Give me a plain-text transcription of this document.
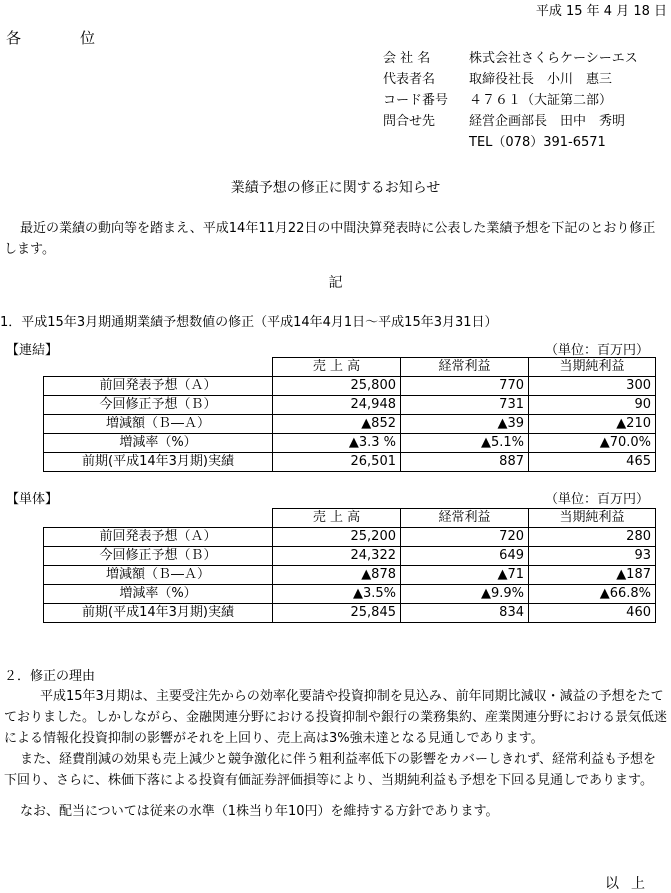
平成 15 年 4 月 18 日
各　位
会 社 名	株式会社さくらケーシーエス
代表者名	取締役社長　小川　惠三
コード番号	４７６１（大証第二部）
問合せ先	経営企画部長　田中　秀明
TEL（078）391-6571
業績予想の修正に関するお知らせ
最近の業績の動向等を踏まえ、平成14年11月22日の中間決算発表時に公表した業績予想を下記のとおり修正します。
記
1．平成15年3月期通期業績予想数値の修正（平成14年4月1日～平成15年3月31日）
【連結】	（単位：百万円）
	売 上 高	経常利益	当期純利益
前回発表予想（Ａ）	25,800	770	300
今回修正予想（Ｂ）	24,948	731	90
増減額（Ｂ―Ａ）	▲852	▲39	▲210
増減率（%）	▲3.3 %	▲5.1%	▲70.0%
前期(平成14年3月期)実績	26,501	887	465
【単体】	（単位：百万円）
	売 上 高	経常利益	当期純利益
前回発表予想（Ａ）	25,200	720	280
今回修正予想（Ｂ）	24,322	649	93
増減額（Ｂ―Ａ）	▲878	▲71	▲187
増減率（%）	▲3.5%	▲9.9%	▲66.8%
前期(平成14年3月期)実績	25,845	834	460
２．修正の理由

平成15年3月期は、主要受注先からの効率化要請や投資抑制を見込み、前年同期比減収・減益の予想をたてておりました。しかしながら、金融関連分野における投資抑制や銀行の業務集約、産業関連分野における景気低迷による情報化投資抑制の影響がそれを上回り、売上高は3%強未達となる見通しであります。

また、経費削減の効果も売上減少と競争激化に伴う粗利益率低下の影響をカバーしきれず、経常利益も予想を下回り、さらに、株価下落による投資有価証券評価損等により、当期純利益も予想を下回る見通しであります。

なお、配当については従来の水準（1株当り年10円）を維持する方針であります。

以上
